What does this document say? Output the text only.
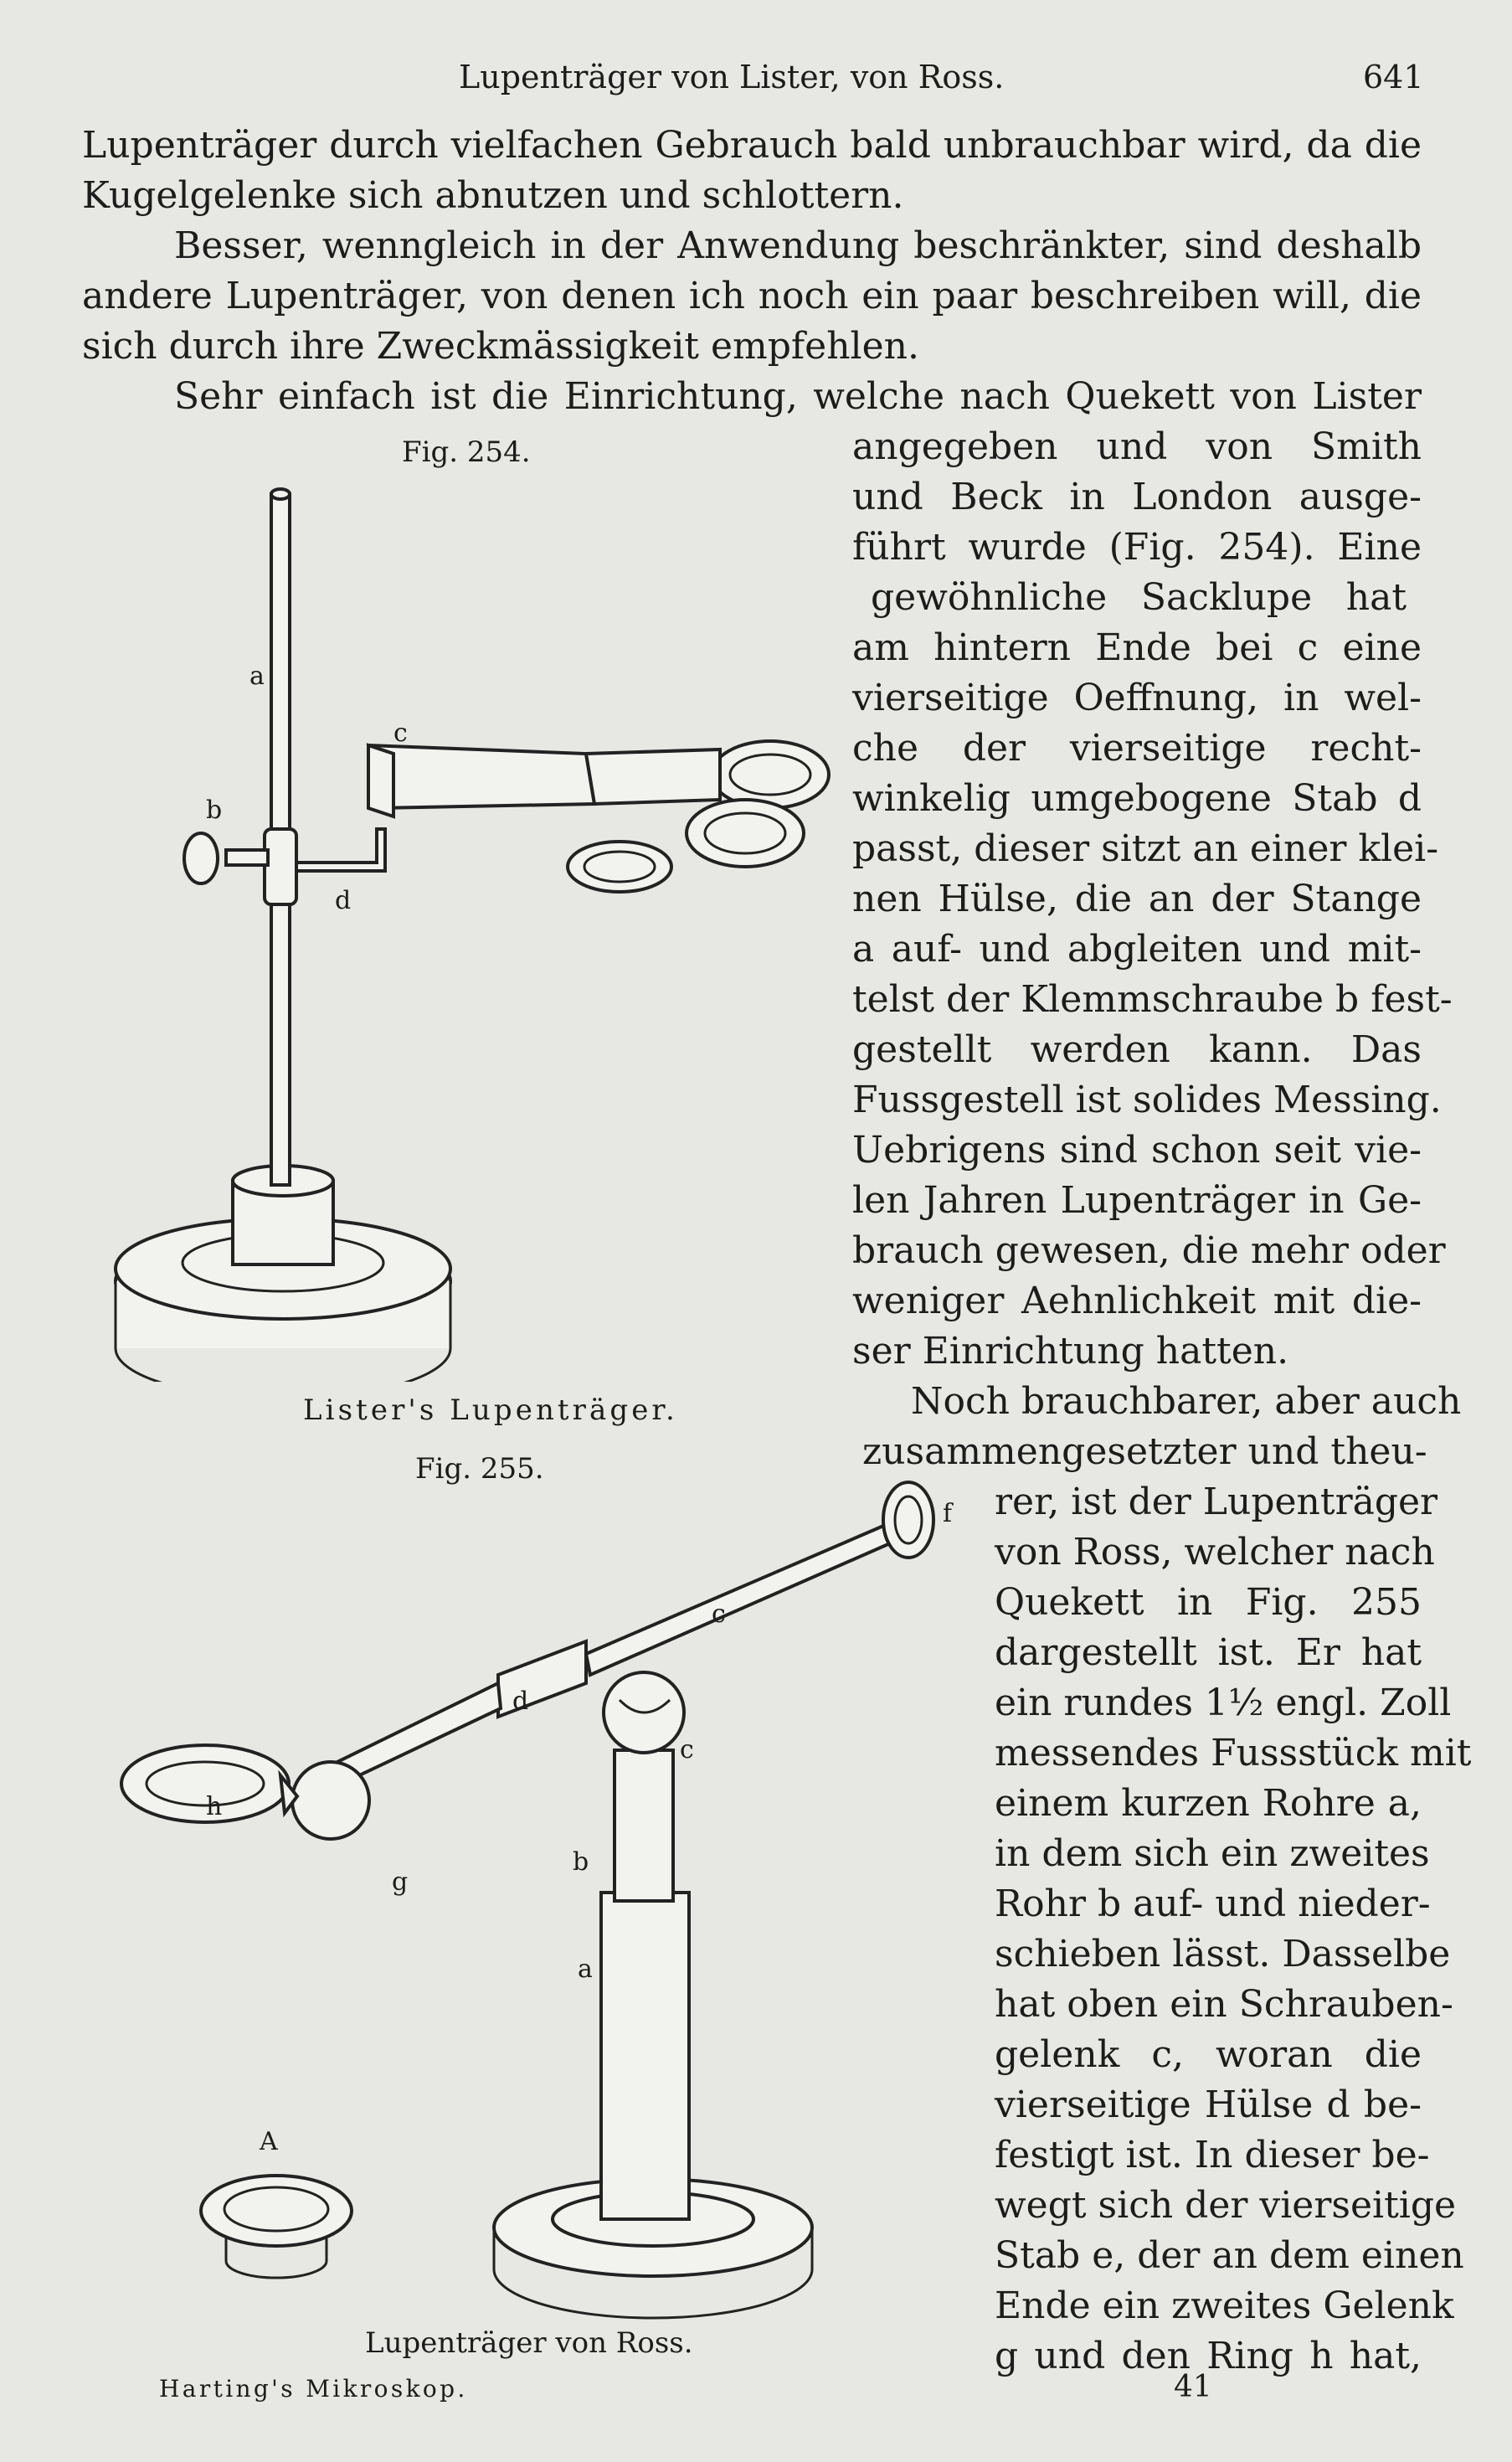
Lupenträger von Lister, von Ross.	641
Lupenträger durch vielfachen Gebrauch bald unbrauchbar wird, da die
Kugelgelenke sich abnutzen und schlottern.
Besser, wenngleich in der Anwendung beschränkter, sind deshalb
andere Lupenträger, von denen ich noch ein paar beschreiben will, die
sich durch ihre Zweckmässigkeit empfehlen.
Sehr einfach ist die Einrichtung, welche nach Quekett von Lister
angegeben und von Smith
und Beck in London ausge-
führt wurde (Fig. 254). Eine
gewöhnliche Sacklupe hat
am hintern Ende bei c eine
vierseitige Oeffnung, in wel-
che der vierseitige recht-
winkelig umgebogene Stab d
passt, dieser sitzt an einer klei-
nen Hülse, die an der Stange
a auf- und abgleiten und mit-
telst der Klemmschraube b fest-
gestellt werden kann. Das
Fussgestell ist solides Messing.
Uebrigens sind schon seit vie-
len Jahren Lupenträger in Ge-
brauch gewesen, die mehr oder
weniger Aehnlichkeit mit die-
ser Einrichtung hatten.
Noch brauchbarer, aber auch
zusammengesetzter und theu-
rer, ist der Lupenträger
von Ross, welcher nach
Quekett in Fig. 255
dargestellt ist. Er hat
ein rundes 1½ engl. Zoll
messendes Fussstück mit
einem kurzen Rohre a,
in dem sich ein zweites
Rohr b auf- und nieder-
schieben lässt. Dasselbe
hat oben ein Schrauben-
gelenk c, woran die
vierseitige Hülse d be-
festigt ist. In dieser be-
wegt sich der vierseitige
Stab e, der an dem einen
Ende ein zweites Gelenk
g und den Ring h hat,
Fig. 254.
a
b
c
d
Lister's Lupenträger.
Fig. 255.
a
b
c
c
d
f
g
h
A
Lupenträger von Ross.
Harting's Mikroskop.	41
